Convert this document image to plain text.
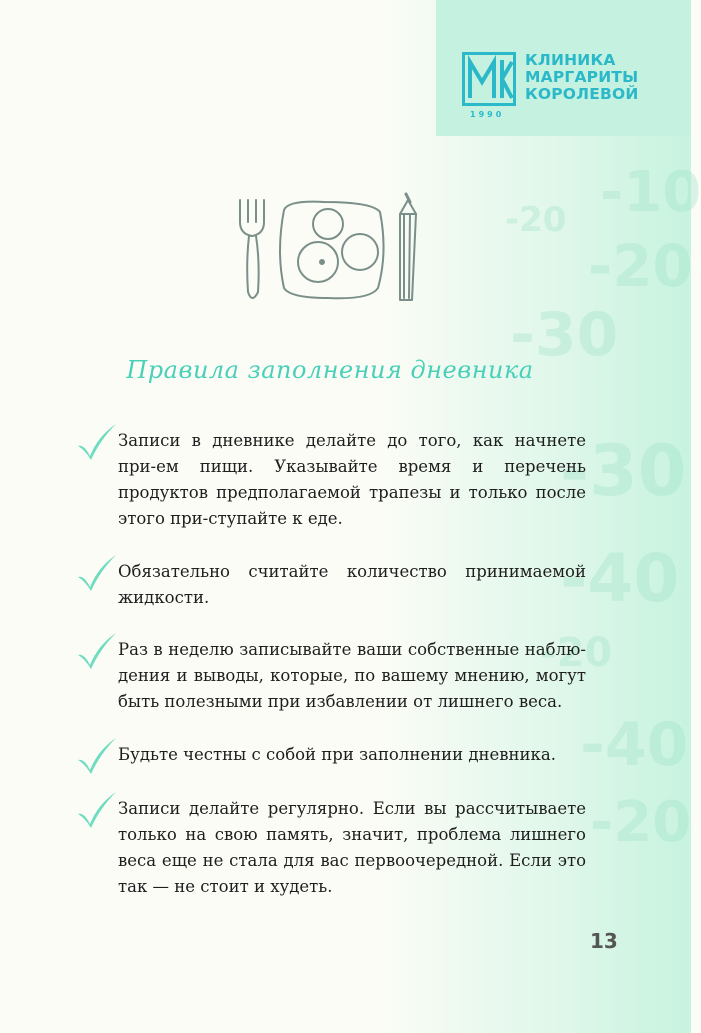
-10
-20
-20
-30
-30
-40
-40
-20
-20
КЛИНИКА
МАРГАРИТЫ
КОРОЛЕВОЙ
1990
Правила заполнения дневника

Записи в дневнике делайте до того, как начнете при-ем пищи. Указывайте время и перечень продуктов предполагаемой трапезы и только после этого при-ступайте к еде.

Обязательно считайте количество принимаемой жидкости.

Раз в неделю записывайте ваши собственные наблю-дения и выводы, которые, по вашему мнению, могут быть полезными при избавлении от лишнего веса.

Будьте честны с собой при заполнении дневника.

Записи делайте регулярно. Если вы рассчитываете только на свою память, значит, проблема лишнего веса еще не стала для вас первоочередной. Если это так — не стоит и худеть.

13
